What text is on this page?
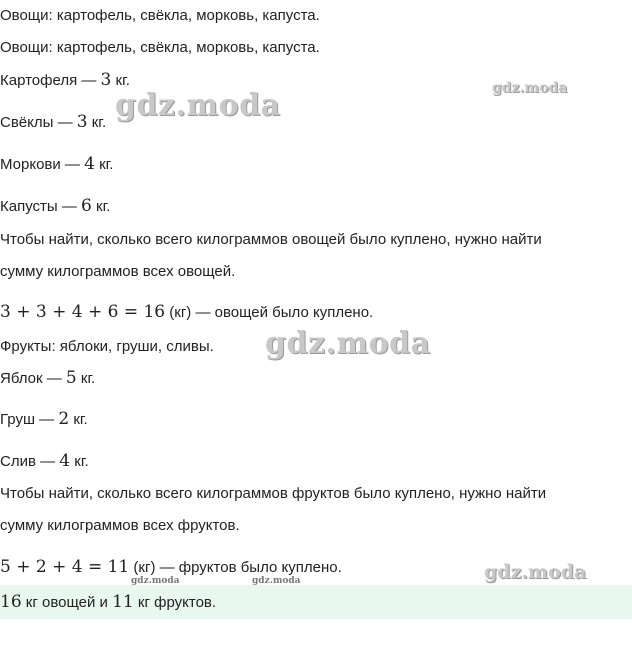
Овощи: картофель, свёкла, морковь, капуста.
Овощи: картофель, свёкла, морковь, капуста.
Картофеля — 3 кг.
Свёклы — 3 кг.
Моркови — 4 кг.
Капусты — 6 кг.
Чтобы найти, сколько всего килограммов овощей было куплено, нужно найти
сумму килограммов всех овощей.
3 + 3 + 4 + 6 = 16 (кг) — овощей было куплено.
Фрукты: яблоки, груши, сливы.
Яблок — 5 кг.
Груш — 2 кг.
Слив — 4 кг.
Чтобы найти, сколько всего килограммов фруктов было куплено, нужно найти
сумму килограммов всех фруктов.
5 + 2 + 4 = 11 (кг) — фруктов было куплено.
16 кг овощей и 11 кг фруктов.
gdz.moda	gdz.moda
gdz.moda
gdz.moda
gdz.moda	gdz.moda
